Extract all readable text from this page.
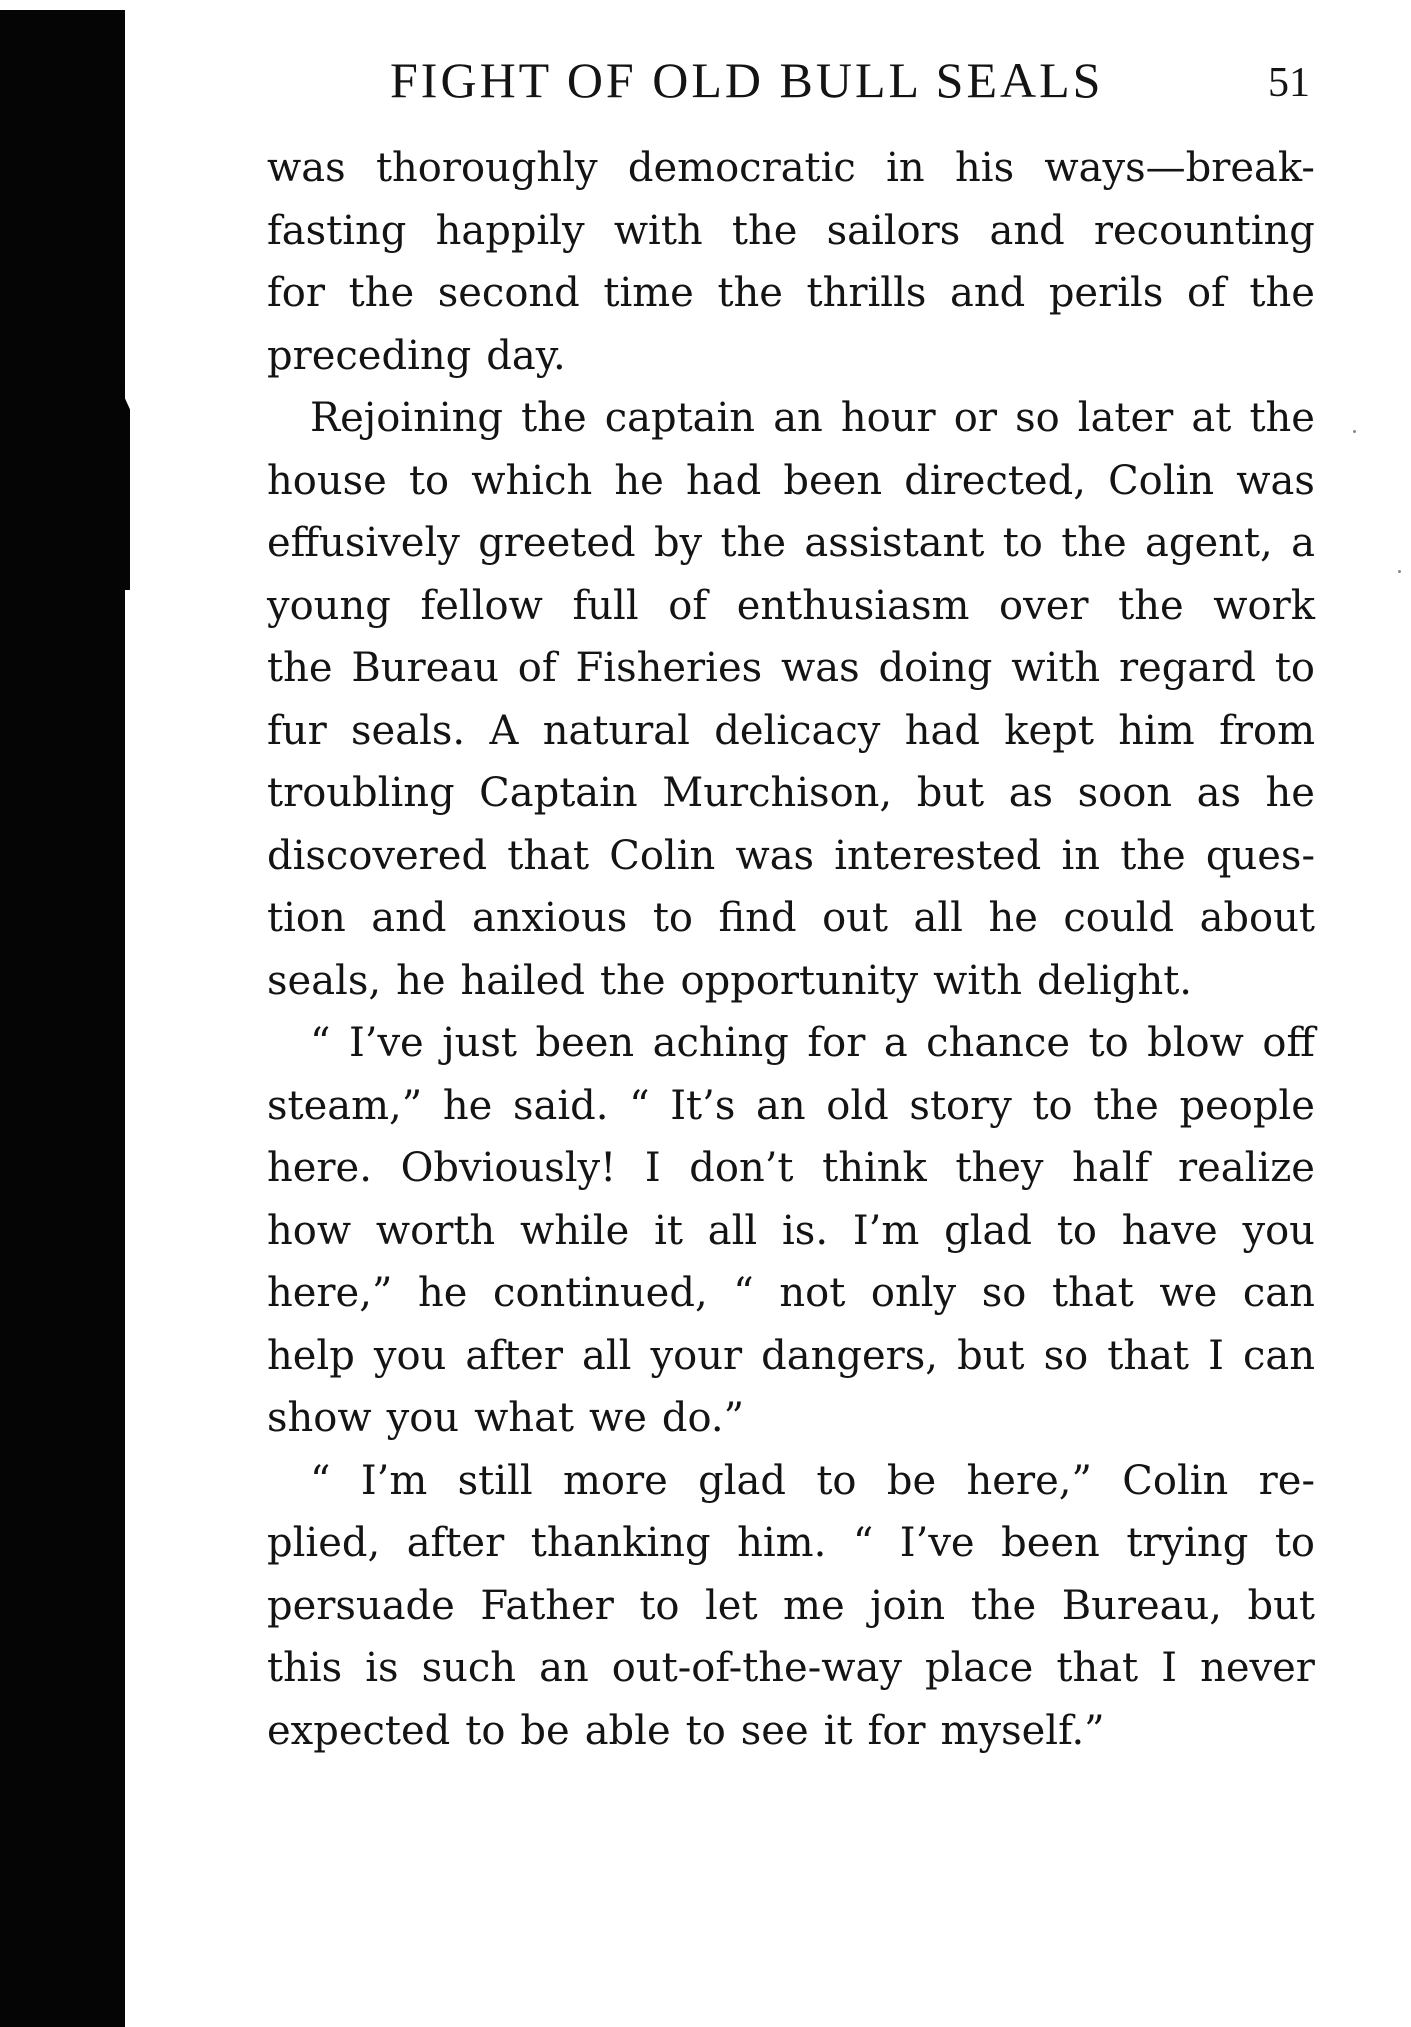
FIGHT OF OLD BULL SEALS	51
was thoroughly democratic in his ways—break-
fasting happily with the sailors and recounting
for the second time the thrills and perils of the
preceding day.
Rejoining the captain an hour or so later at the
house to which he had been directed, Colin was
effusively greeted by the assistant to the agent, a
young fellow full of enthusiasm over the work
the Bureau of Fisheries was doing with regard to
fur seals. A natural delicacy had kept him from
troubling Captain Murchison, but as soon as he
discovered that Colin was interested in the ques-
tion and anxious to find out all he could about
seals, he hailed the opportunity with delight.
“ I’ve just been aching for a chance to blow off
steam,” he said. “ It’s an old story to the people
here. Obviously! I don’t think they half realize
how worth while it all is. I’m glad to have you
here,” he continued, “ not only so that we can
help you after all your dangers, but so that I can
show you what we do.”
“ I’m still more glad to be here,” Colin re-
plied, after thanking him. “ I’ve been trying to
persuade Father to let me join the Bureau, but
this is such an out-of-the-way place that I never
expected to be able to see it for myself.”
